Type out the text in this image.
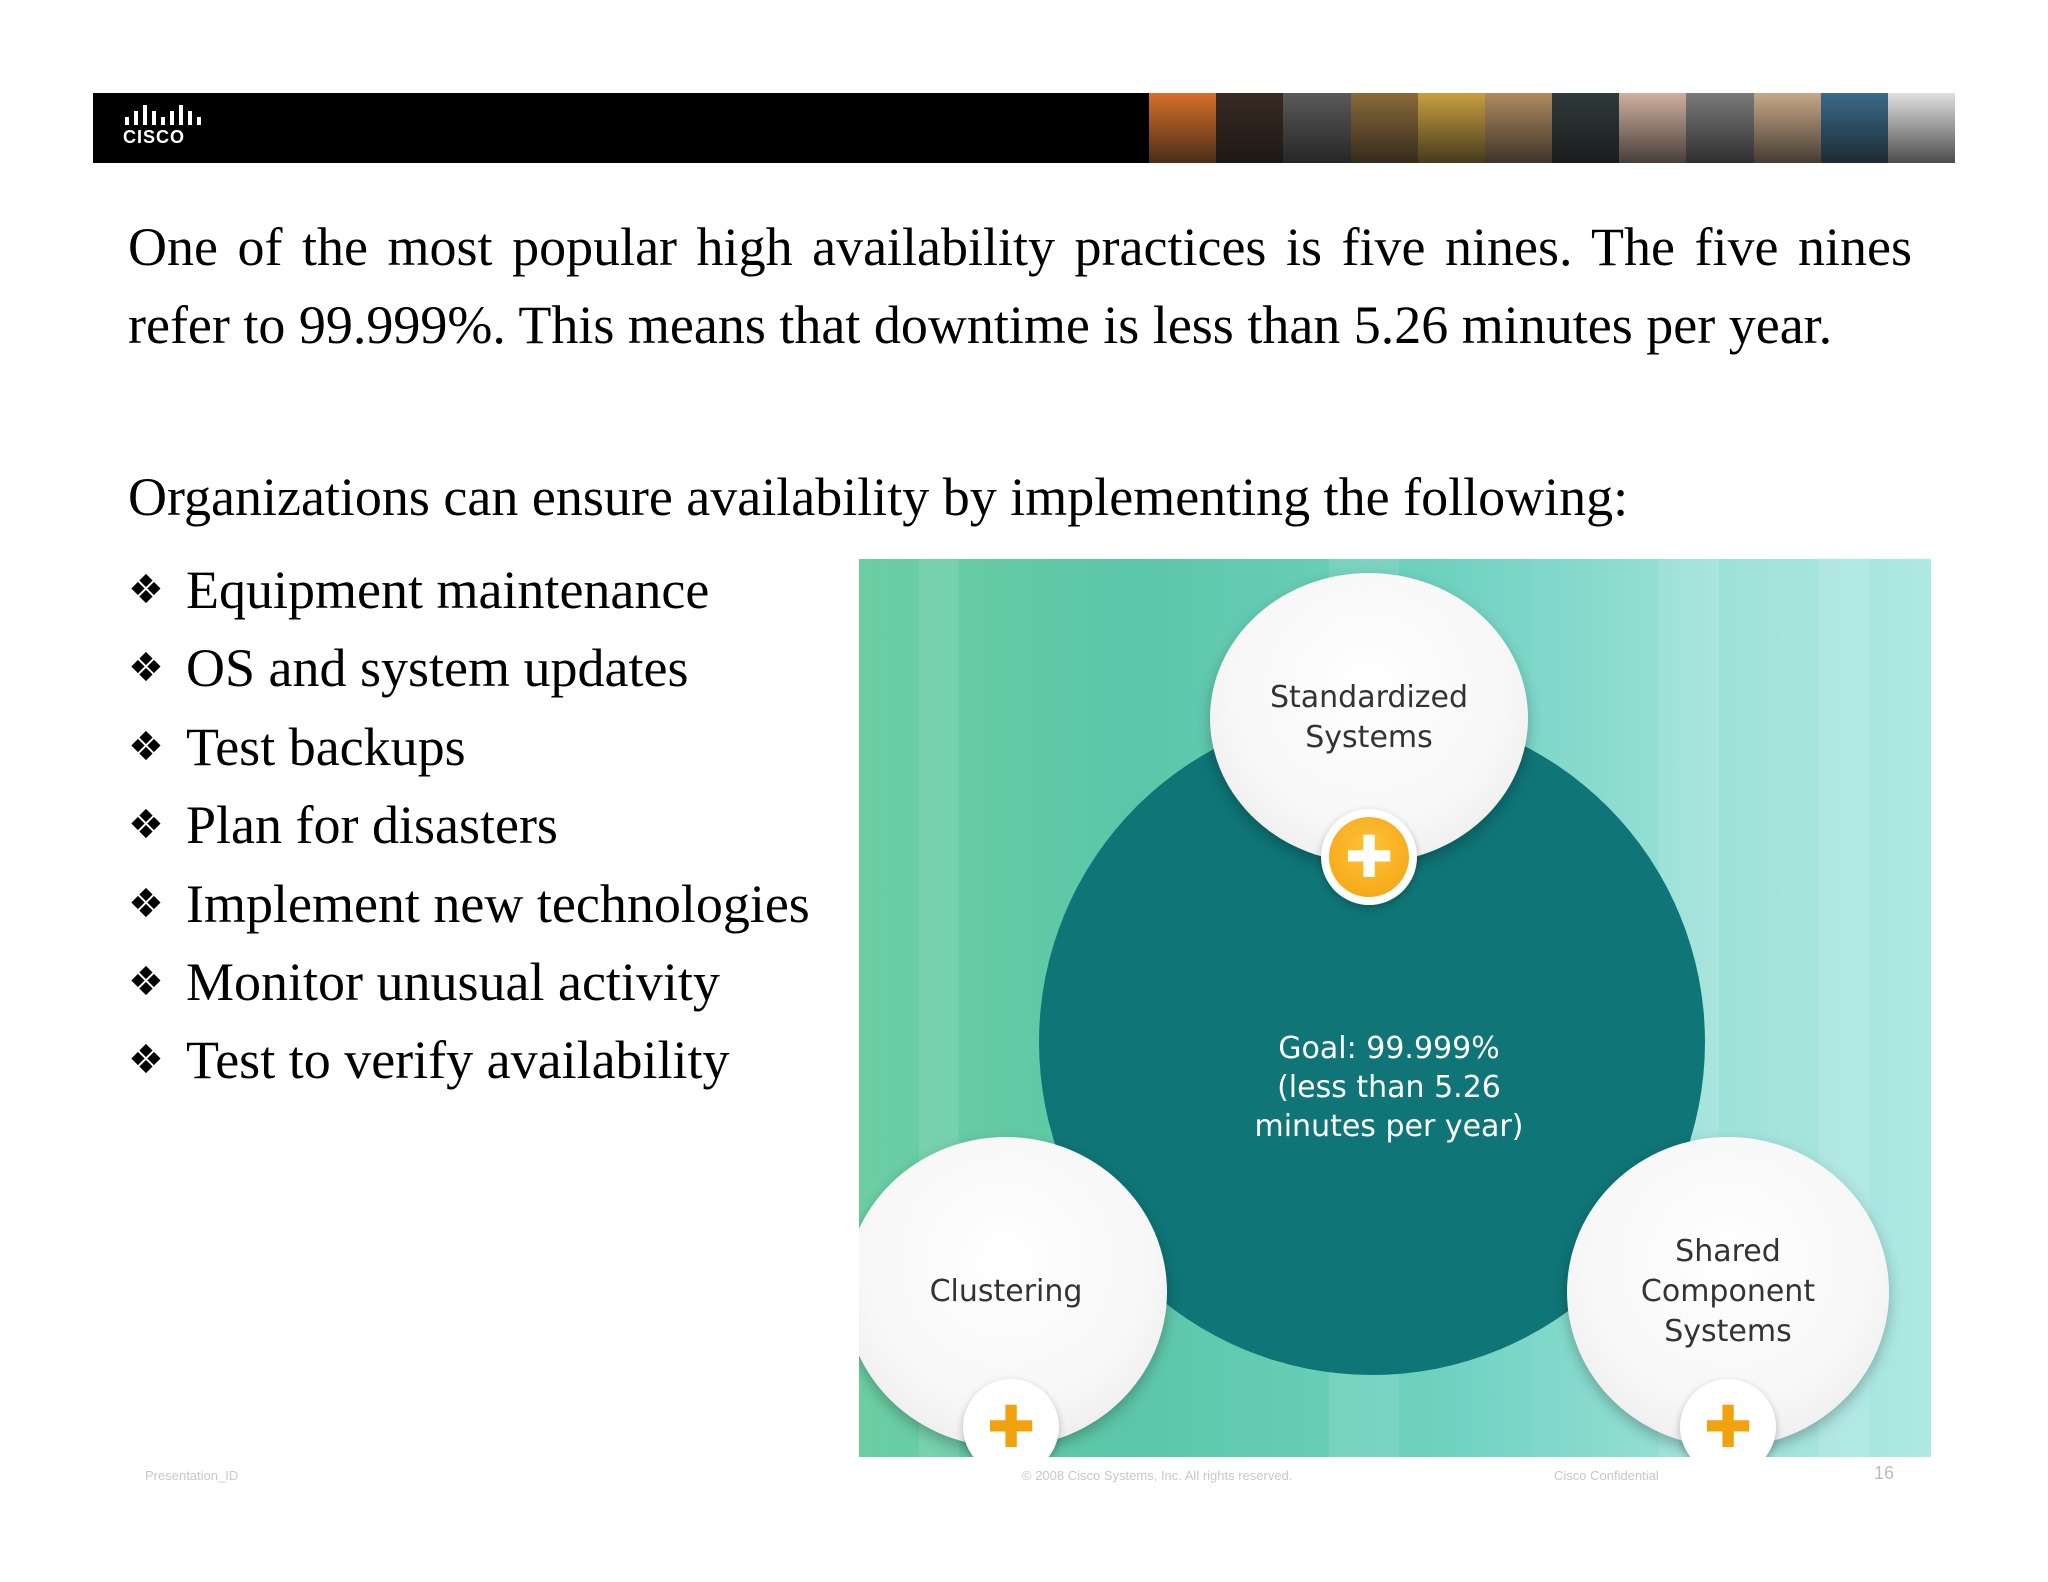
CISCO

One of the most popular high availability practices is five nines. The five nines refer to 99.999%. This means that downtime is less than 5.26 minutes per year.

Organizations can ensure availability by implementing the following:

❖ Equipment maintenance
❖ OS and system updates
❖ Test backups
❖ Plan for disasters
❖ Implement new technologies
❖ Monitor unusual activity
❖ Test to verify availability	Goal: 99.999%
(less than 5.26
minutes per year)
Standardized
Systems
✚
Clustering
✚
Shared
Component
Systems
✚
Presentation_ID	© 2008 Cisco Systems, Inc. All rights reserved.	Cisco Confidential	16
